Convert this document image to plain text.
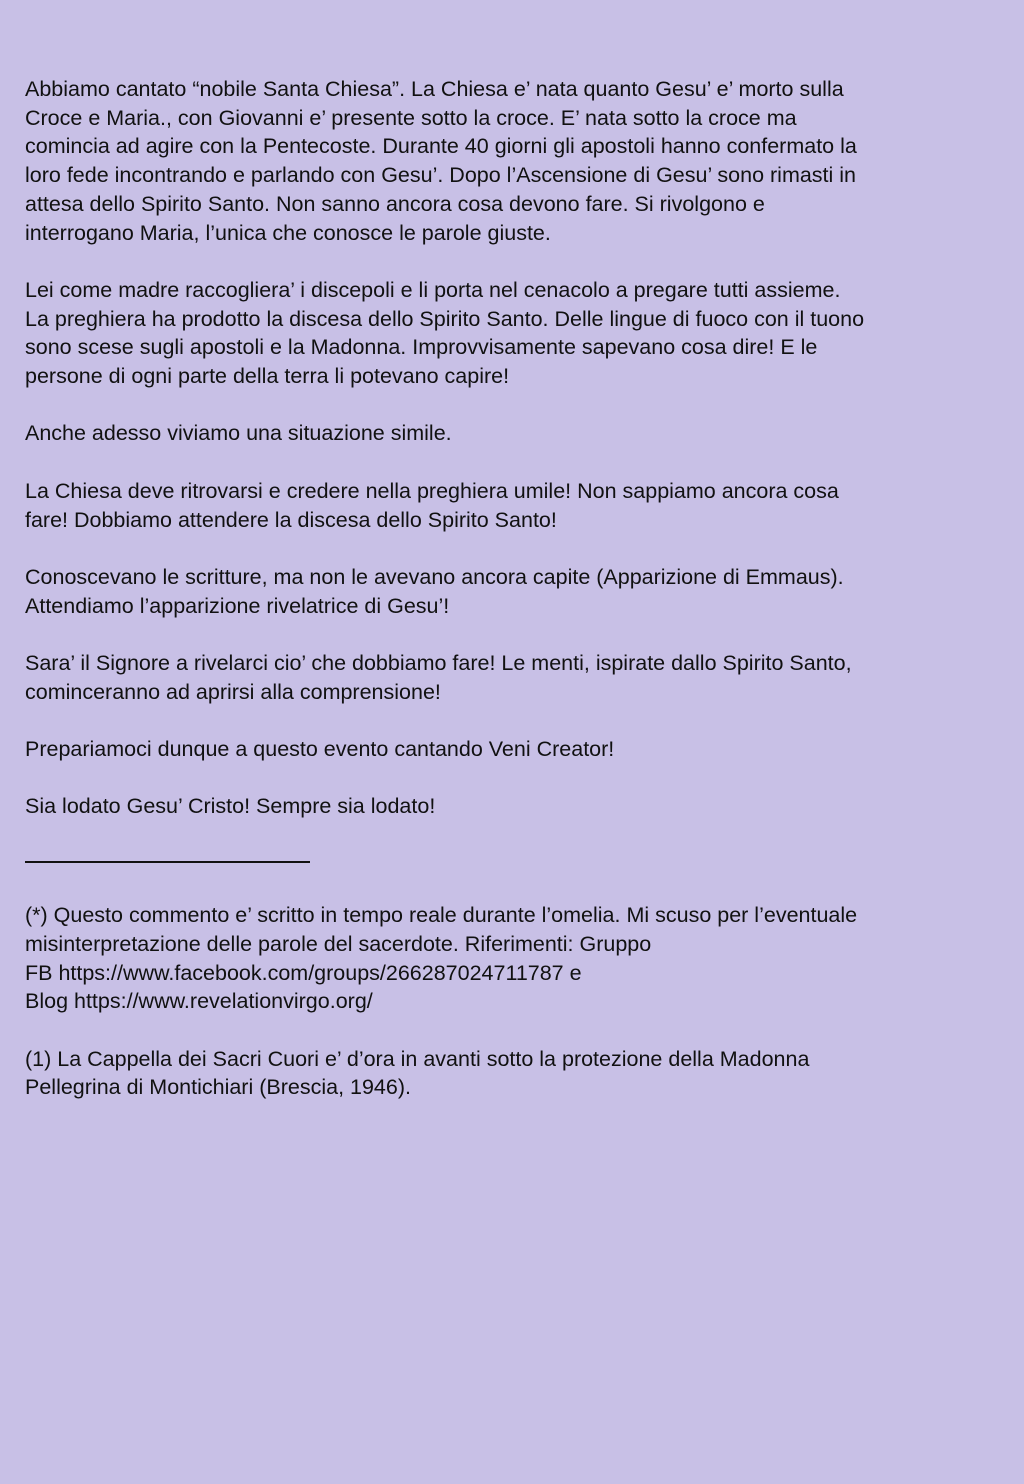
Abbiamo cantato “nobile Santa Chiesa”. La Chiesa e’ nata quanto Gesu’ e’ morto sulla
Croce e Maria., con Giovanni e’ presente sotto la croce. E’ nata sotto la croce ma
comincia ad agire con la Pentecoste. Durante 40 giorni gli apostoli hanno confermato la
loro fede incontrando e parlando con Gesu’. Dopo l’Ascensione di Gesu’ sono rimasti in
attesa dello Spirito Santo. Non sanno ancora cosa devono fare. Si rivolgono e
interrogano Maria, l’unica che conosce le parole giuste.

Lei come madre raccogliera’ i discepoli e li porta nel cenacolo a pregare tutti assieme.
La preghiera ha prodotto la discesa dello Spirito Santo. Delle lingue di fuoco con il tuono
sono scese sugli apostoli e la Madonna. Improvvisamente sapevano cosa dire! E le
persone di ogni parte della terra li potevano capire!

Anche adesso viviamo una situazione simile.

La Chiesa deve ritrovarsi e credere nella preghiera umile! Non sappiamo ancora cosa
fare! Dobbiamo attendere la discesa dello Spirito Santo!

Conoscevano le scritture, ma non le avevano ancora capite (Apparizione di Emmaus).
Attendiamo l’apparizione rivelatrice di Gesu’!

Sara’ il Signore a rivelarci cio’ che dobbiamo fare! Le menti, ispirate dallo Spirito Santo,
cominceranno ad aprirsi alla comprensione!

Prepariamoci dunque a questo evento cantando Veni Creator!

Sia lodato Gesu’ Cristo! Sempre sia lodato!

(*) Questo commento e’ scritto in tempo reale durante l’omelia. Mi scuso per l’eventuale
misinterpretazione delle parole del sacerdote. Riferimenti: Gruppo
FB https://www.facebook.com/groups/266287024711787 e
Blog https://www.revelationvirgo.org/

(1) La Cappella dei Sacri Cuori e’ d’ora in avanti sotto la protezione della Madonna
Pellegrina di Montichiari (Brescia, 1946).
